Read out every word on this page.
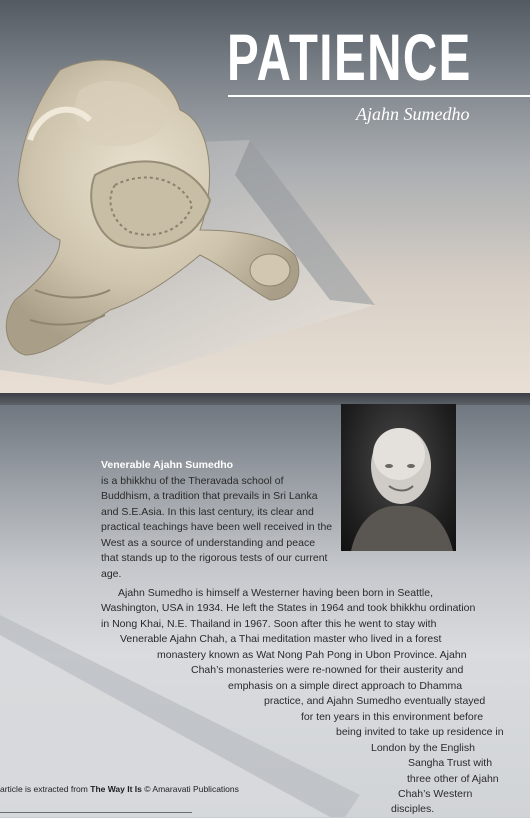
PATIENCE
Ajahn Sumedho
Venerable Ajahn Sumedho
is a bhikkhu of the Theravada school of Buddhism, a tradition that prevails in Sri Lanka and S.E.Asia. In this last century, its clear and practical teachings have been well received in the West as a source of understanding and peace that stands up to the rigorous tests of our current age.
Ajahn Sumedho is himself a Westerner having been born in Seattle,
Washington, USA in 1934. He left the States in 1964 and took bhikkhu ordination
in Nong Khai, N.E. Thailand in 1967. Soon after this he went to stay with
Venerable Ajahn Chah, a Thai meditation master who lived in a forest
monastery known as Wat Nong Pah Pong in Ubon Province. Ajahn
Chah’s monasteries were re-nowned for their austerity and
emphasis on a simple direct approach to Dhamma
practice, and Ajahn Sumedho eventually stayed
for ten years in this environment before
being invited to take up residence in
London by the English
Sangha Trust with
three other of Ajahn
Chah’s Western
disciples.
article is extracted from The Way It Is © Amaravati Publications
